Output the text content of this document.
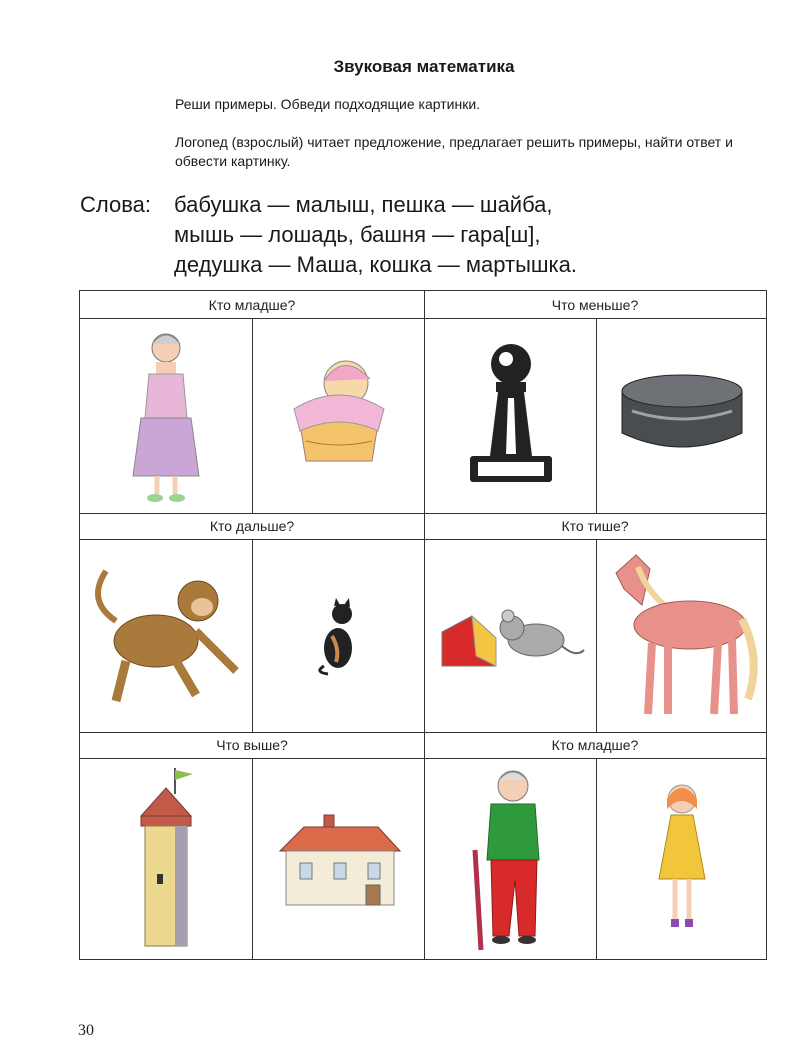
Звуковая математика
Реши примеры. Обведи подходящие картинки.
Логопед (взрослый) читает предложение, предлагает решить примеры, найти ответ и обвести картинку.
Слова: бабушка — малыш, пешка — шайба,
мышь — лошадь, башня — гара[ш],
дедушка — Маша, кошка — мартышка.
Кто младше?	Что меньше?
Кто дальше?	Кто тише?
Что выше?	Кто младше?
30
